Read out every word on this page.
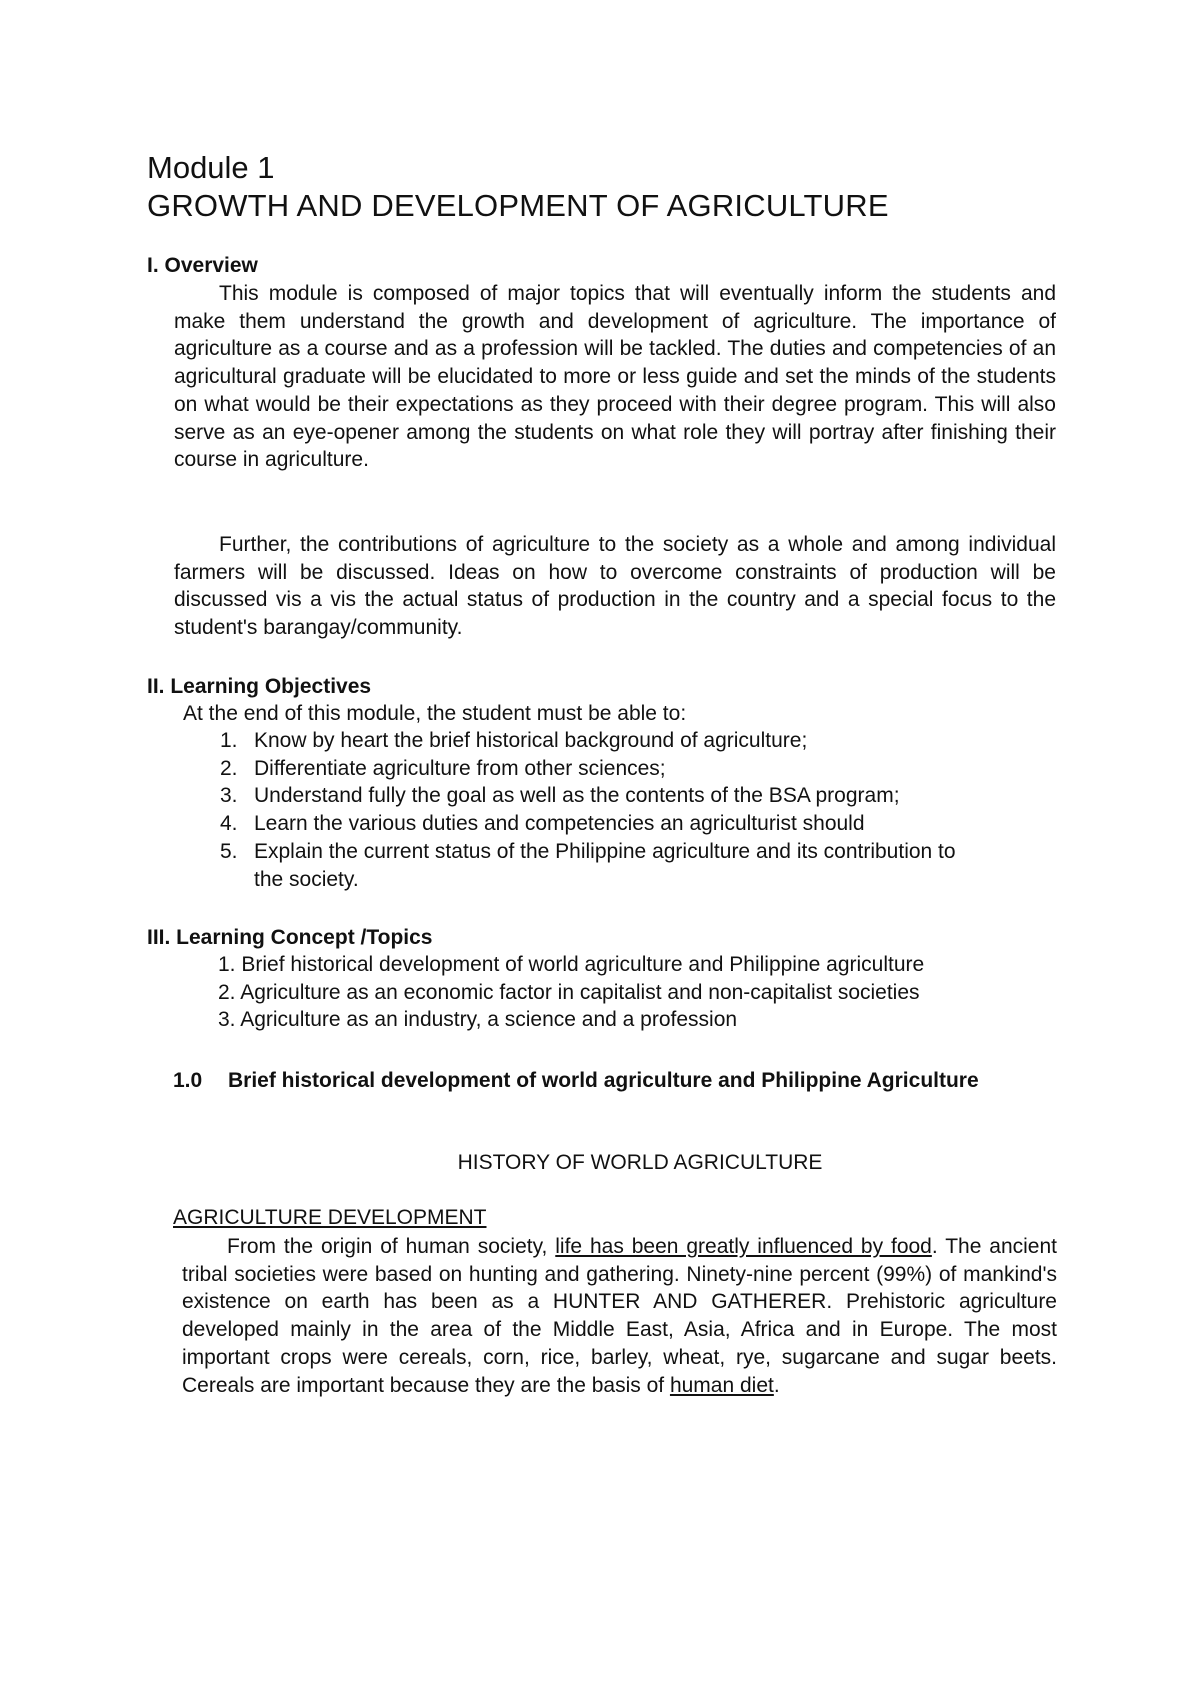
Module 1
GROWTH AND DEVELOPMENT OF AGRICULTURE
I. Overview

This module is composed of major topics that will eventually inform the students and make them understand the growth and development of agriculture. The importance of agriculture as a course and as a profession will be tackled. The duties and competencies of an agricultural graduate will be elucidated to more or less guide and set the minds of the students on what would be their expectations as they proceed with their degree program. This will also serve as an eye-opener among the students on what role they will portray after finishing their course in agriculture.

Further, the contributions of agriculture to the society as a whole and among individual farmers will be discussed. Ideas on how to overcome constraints of production will be discussed vis a vis the actual status of production in the country and a special focus to the student's barangay/community.

II. Learning Objectives

At the end of this module, the student must be able to:

1. Know by heart the brief historical background of agriculture;
2. Differentiate agriculture from other sciences;
3. Understand fully the goal as well as the contents of the BSA program;
4. Learn the various duties and competencies an agriculturist should
5. Explain the current status of the Philippine agriculture and its contribution to the society.
III. Learning Concept /Topics
1. Brief historical development of world agriculture and Philippine agriculture
2. Agriculture as an economic factor in capitalist and non-capitalist societies
3. Agriculture as an industry, a science and a profession
1.0 Brief historical development of world agriculture and Philippine Agriculture
HISTORY OF WORLD AGRICULTURE
AGRICULTURE DEVELOPMENT

From the origin of human society, life has been greatly influenced by food. The ancient tribal societies were based on hunting and gathering. Ninety-nine percent (99%) of mankind's existence on earth has been as a HUNTER AND GATHERER. Prehistoric agriculture developed mainly in the area of the Middle East, Asia, Africa and in Europe. The most important crops were cereals, corn, rice, barley, wheat, rye, sugarcane and sugar beets. Cereals are important because they are the basis of human diet.
